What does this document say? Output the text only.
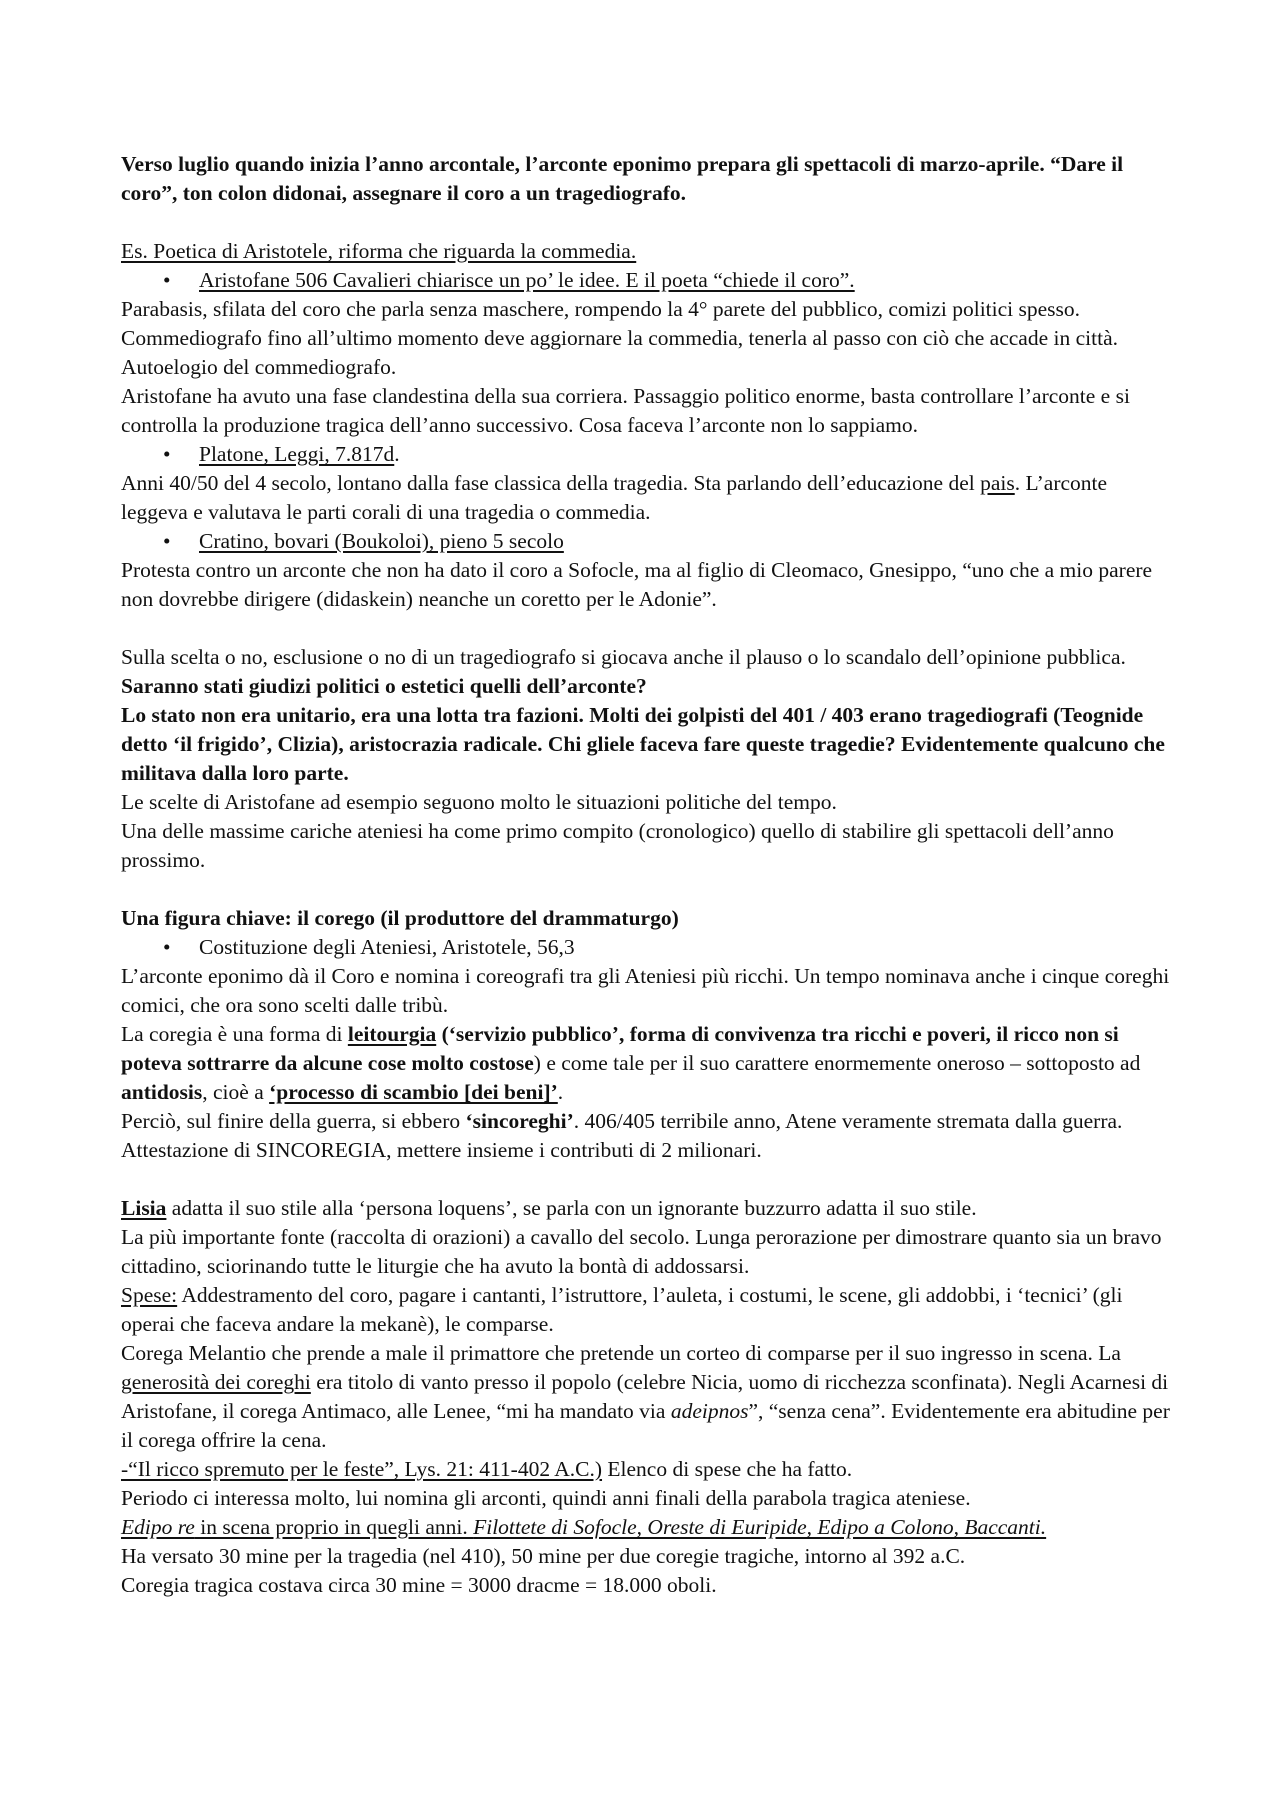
Verso luglio quando inizia l’anno arcontale, l’arconte eponimo prepara gli spettacoli di marzo-aprile. “Dare il coro”, ton colon didonai, assegnare il coro a un tragediografo.

Es. Poetica di Aristotele, riforma che riguarda la commedia.

• Aristofane 506 Cavalieri chiarisce un po’ le idee. E il poeta “chiede il coro”.

Parabasis, sfilata del coro che parla senza maschere, rompendo la 4° parete del pubblico, comizi politici spesso. Commediografo fino all’ultimo momento deve aggiornare la commedia, tenerla al passo con ciò che accade in città. Autoelogio del commediografo.

Aristofane ha avuto una fase clandestina della sua corriera. Passaggio politico enorme, basta controllare l’arconte e si controlla la produzione tragica dell’anno successivo. Cosa faceva l’arconte non lo sappiamo.

• Platone, Leggi, 7.817d.

Anni 40/50 del 4 secolo, lontano dalla fase classica della tragedia. Sta parlando dell’educazione del pais. L’arconte leggeva e valutava le parti corali di una tragedia o commedia.

• Cratino, bovari (Boukoloi), pieno 5 secolo

Protesta contro un arconte che non ha dato il coro a Sofocle, ma al figlio di Cleomaco, Gnesippo, “uno che a mio parere non dovrebbe dirigere (didaskein) neanche un coretto per le Adonie”.

Sulla scelta o no, esclusione o no di un tragediografo si giocava anche il plauso o lo scandalo dell’opinione pubblica. Saranno stati giudizi politici o estetici quelli dell’arconte?

Lo stato non era unitario, era una lotta tra fazioni. Molti dei golpisti del 401 / 403 erano tragediografi (Teognide detto ‘il frigido’, Clizia), aristocrazia radicale. Chi gliele faceva fare queste tragedie? Evidentemente qualcuno che militava dalla loro parte.

Le scelte di Aristofane ad esempio seguono molto le situazioni politiche del tempo.

Una delle massime cariche ateniesi ha come primo compito (cronologico) quello di stabilire gli spettacoli dell’anno prossimo.

Una figura chiave: il corego (il produttore del drammaturgo)

• Costituzione degli Ateniesi, Aristotele, 56,3

L’arconte eponimo dà il Coro e nomina i coreografi tra gli Ateniesi più ricchi. Un tempo nominava anche i cinque coreghi comici, che ora sono scelti dalle tribù.

La coregia è una forma di leitourgia (‘servizio pubblico’, forma di convivenza tra ricchi e poveri, il ricco non si poteva sottrarre da alcune cose molto costose) e come tale per il suo carattere enormemente oneroso – sottoposto ad antidosis, cioè a ‘processo di scambio [dei beni]’.

Perciò, sul finire della guerra, si ebbero ‘sincoreghi’. 406/405 terribile anno, Atene veramente stremata dalla guerra. Attestazione di SINCOREGIA, mettere insieme i contributi di 2 milionari.

Lisia adatta il suo stile alla ‘persona loquens’, se parla con un ignorante buzzurro adatta il suo stile.

La più importante fonte (raccolta di orazioni) a cavallo del secolo. Lunga perorazione per dimostrare quanto sia un bravo cittadino, sciorinando tutte le liturgie che ha avuto la bontà di addossarsi.

Spese: Addestramento del coro, pagare i cantanti, l’istruttore, l’auleta, i costumi, le scene, gli addobbi, i ‘tecnici’ (gli operai che faceva andare la mekanè), le comparse.

Corega Melantio che prende a male il primattore che pretende un corteo di comparse per il suo ingresso in scena. La generosità dei coreghi era titolo di vanto presso il popolo (celebre Nicia, uomo di ricchezza sconfinata). Negli Acarnesi di Aristofane, il corega Antimaco, alle Lenee, “mi ha mandato via adeipnos”, “senza cena”. Evidentemente era abitudine per il corega offrire la cena.

-“Il ricco spremuto per le feste”, Lys. 21: 411-402 A.C.) Elenco di spese che ha fatto.

Periodo ci interessa molto, lui nomina gli arconti, quindi anni finali della parabola tragica ateniese.

Edipo re in scena proprio in quegli anni. Filottete di Sofocle, Oreste di Euripide, Edipo a Colono, Baccanti.

Ha versato 30 mine per la tragedia (nel 410), 50 mine per due coregie tragiche, intorno al 392 a.C.

Coregia tragica costava circa 30 mine = 3000 dracme = 18.000 oboli.
